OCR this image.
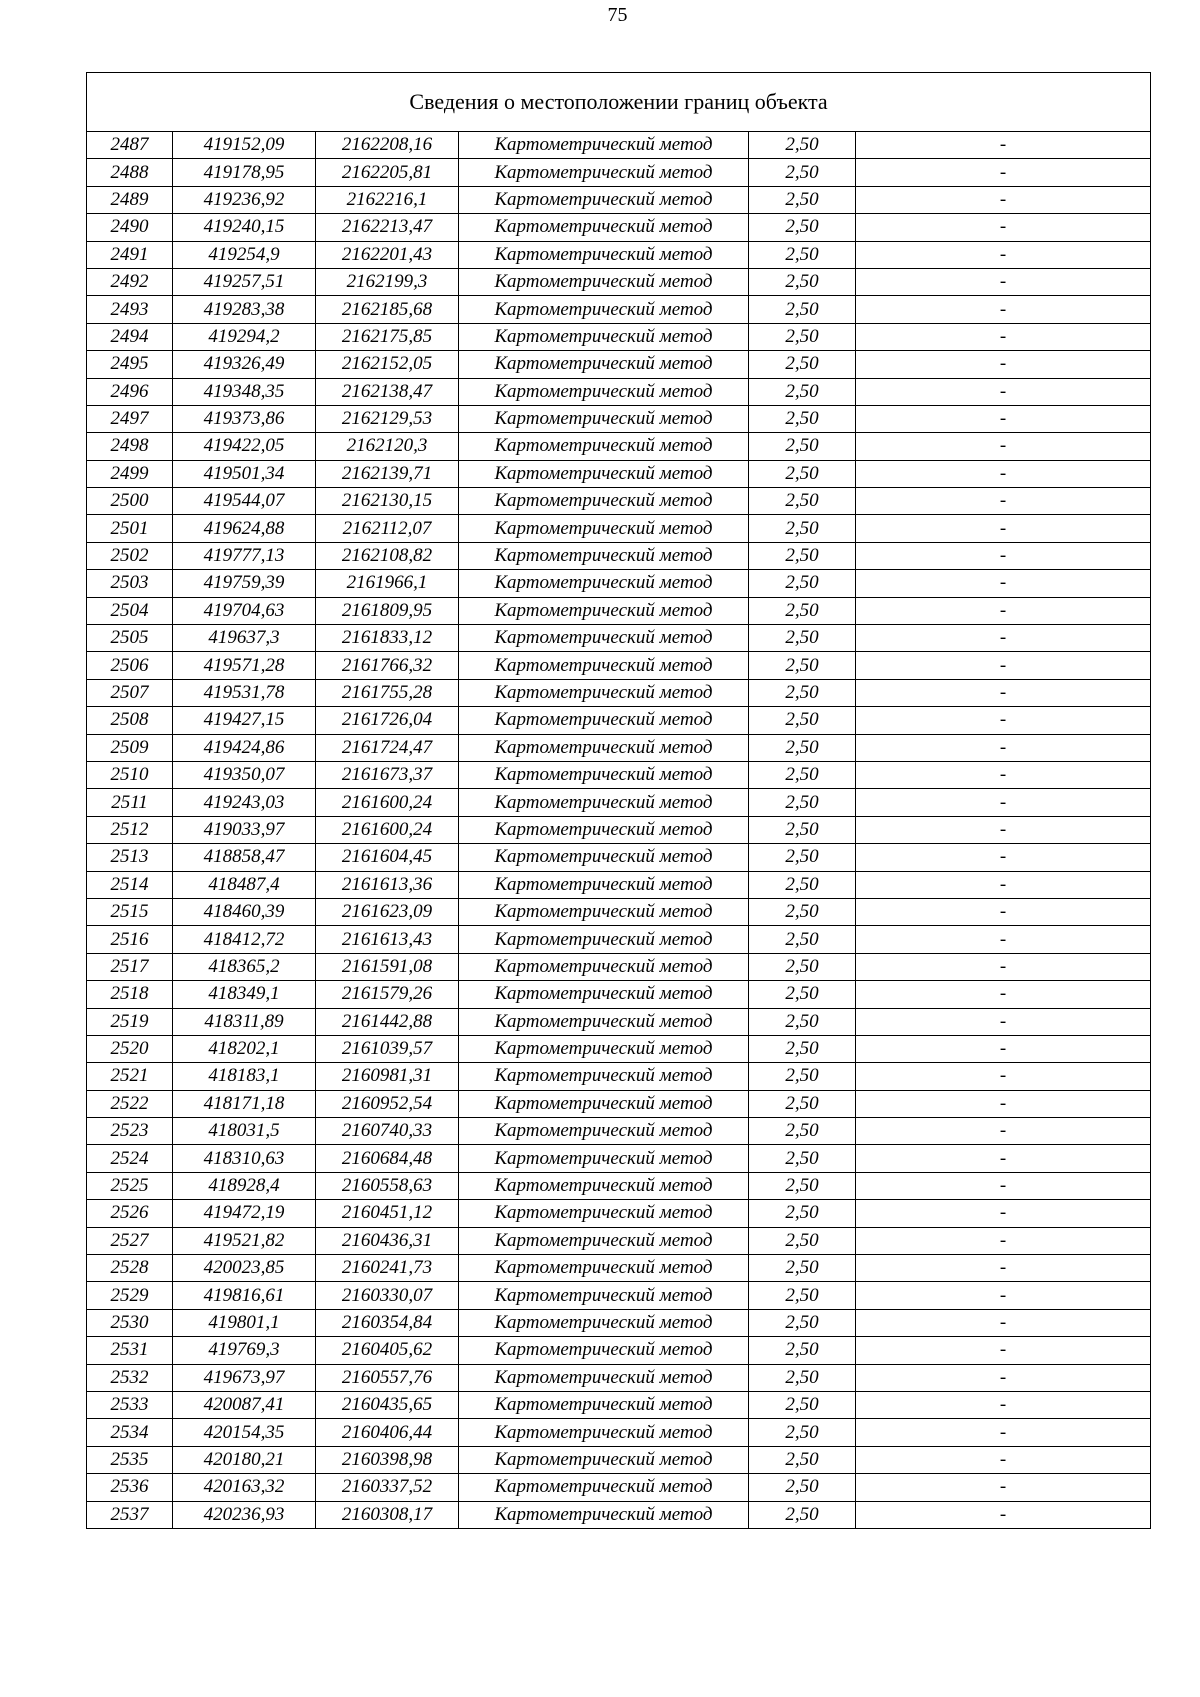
75
Сведения о местоположении границ объекта					
2487	419152,09	2162208,16	Картометрический метод	2,50	-
2488	419178,95	2162205,81	Картометрический метод	2,50	-
2489	419236,92	2162216,1	Картометрический метод	2,50	-
2490	419240,15	2162213,47	Картометрический метод	2,50	-
2491	419254,9	2162201,43	Картометрический метод	2,50	-
2492	419257,51	2162199,3	Картометрический метод	2,50	-
2493	419283,38	2162185,68	Картометрический метод	2,50	-
2494	419294,2	2162175,85	Картометрический метод	2,50	-
2495	419326,49	2162152,05	Картометрический метод	2,50	-
2496	419348,35	2162138,47	Картометрический метод	2,50	-
2497	419373,86	2162129,53	Картометрический метод	2,50	-
2498	419422,05	2162120,3	Картометрический метод	2,50	-
2499	419501,34	2162139,71	Картометрический метод	2,50	-
2500	419544,07	2162130,15	Картометрический метод	2,50	-
2501	419624,88	2162112,07	Картометрический метод	2,50	-
2502	419777,13	2162108,82	Картометрический метод	2,50	-
2503	419759,39	2161966,1	Картометрический метод	2,50	-
2504	419704,63	2161809,95	Картометрический метод	2,50	-
2505	419637,3	2161833,12	Картометрический метод	2,50	-
2506	419571,28	2161766,32	Картометрический метод	2,50	-
2507	419531,78	2161755,28	Картометрический метод	2,50	-
2508	419427,15	2161726,04	Картометрический метод	2,50	-
2509	419424,86	2161724,47	Картометрический метод	2,50	-
2510	419350,07	2161673,37	Картометрический метод	2,50	-
2511	419243,03	2161600,24	Картометрический метод	2,50	-
2512	419033,97	2161600,24	Картометрический метод	2,50	-
2513	418858,47	2161604,45	Картометрический метод	2,50	-
2514	418487,4	2161613,36	Картометрический метод	2,50	-
2515	418460,39	2161623,09	Картометрический метод	2,50	-
2516	418412,72	2161613,43	Картометрический метод	2,50	-
2517	418365,2	2161591,08	Картометрический метод	2,50	-
2518	418349,1	2161579,26	Картометрический метод	2,50	-
2519	418311,89	2161442,88	Картометрический метод	2,50	-
2520	418202,1	2161039,57	Картометрический метод	2,50	-
2521	418183,1	2160981,31	Картометрический метод	2,50	-
2522	418171,18	2160952,54	Картометрический метод	2,50	-
2523	418031,5	2160740,33	Картометрический метод	2,50	-
2524	418310,63	2160684,48	Картометрический метод	2,50	-
2525	418928,4	2160558,63	Картометрический метод	2,50	-
2526	419472,19	2160451,12	Картометрический метод	2,50	-
2527	419521,82	2160436,31	Картометрический метод	2,50	-
2528	420023,85	2160241,73	Картометрический метод	2,50	-
2529	419816,61	2160330,07	Картометрический метод	2,50	-
2530	419801,1	2160354,84	Картометрический метод	2,50	-
2531	419769,3	2160405,62	Картометрический метод	2,50	-
2532	419673,97	2160557,76	Картометрический метод	2,50	-
2533	420087,41	2160435,65	Картометрический метод	2,50	-
2534	420154,35	2160406,44	Картометрический метод	2,50	-
2535	420180,21	2160398,98	Картометрический метод	2,50	-
2536	420163,32	2160337,52	Картометрический метод	2,50	-
2537	420236,93	2160308,17	Картометрический метод	2,50	-
